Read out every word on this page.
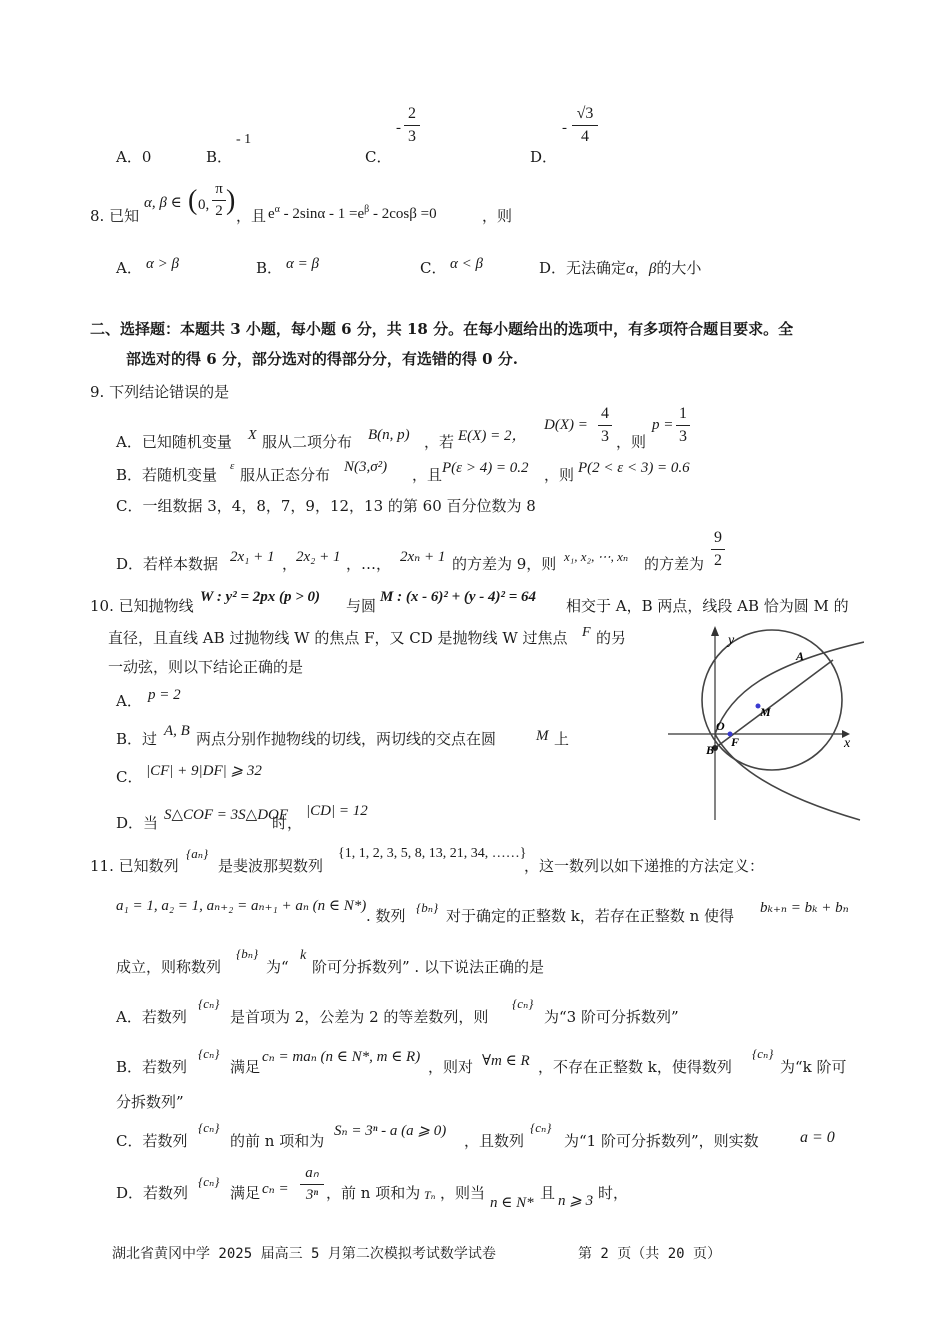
A．0	B．
- 1
C．
-
2
3
D．
-
√3
4
8. 已知
α, β ∈ ( 0,
π
2 ) ，且 $e^\alpha - 2\sin\alpha - 1 =e^\beta - 2\cos\beta =0$	，则
A． α > β	B． α = β	C． α < β	D．无法确定α，β的大小
二、选择题：本题共 3 小题，每小题 6 分，共 18 分。在每小题给出的选项中，有多项符合题目要求。全
部选对的得 6 分，部分选对的得部分分，有选错的得 0 分.
9. 下列结论错误的是
A．已知随机变量 X 服从二项分布 B(n, p) ，若 E(X) = 2，
D(X) =
4
3 ，则
p =
1
3
B．若随机变量 ε 服从正态分布 N(3,σ²) ，且 P(ε > 4) = 0.2 ，则 P(2 < ε < 3) = 0.6
C．一组数据 3，4，8，7，9，12，13 的第 60 百分位数为 8
D．若样本数据 2x₁ + 1 ，
2x₂ + 1 ，…， 2xₙ + 1 的方差为 9，则 x₁, x₂, ⋯, xₙ 的方差为
9
2
10. 已知抛物线 W : y² = 2px (p > 0) 与圆 M : (x - 6)² + (y - 4)² = 64 相交于 A，B 两点，线段 AB 恰为圆 M 的
直径，且直线 AB 过抛物线 W 的焦点 F，又 CD 是抛物线 W 过焦点 F 的另
一动弦，则以下结论正确的是
A． p = 2
B．过 A, B 两点分别作抛物线的切线，两切线的交点在圆	M 上
C． |CF| + 9|DF| ⩾ 32
D．当 S△COF = 3S△DOF
时，
|CD| = 12
y
x
A
M
O
B
F
11. 已知数列
{aₙ}
是斐波那契数列
{1, 1, 2, 3, 5, 8, 13, 21, 34, ……}
，这一数列以如下递推的方法定义：
a₁ = 1, a₂ = 1, aₙ₊₂ = aₙ₊₁ + aₙ (n ∈ N*)
. 数列 {bₙ} 对于确定的正整数 k，若存在正整数 n 使得 bₖ₊ₙ = bₖ + bₙ
成立，则称数列
{bₙ}
为“
k
阶可分拆数列” . 以下说法正确的是
A．若数列
{cₙ}
是首项为 2，公差为 2 的等差数列，则
{cₙ}
为“3 阶可分拆数列”
B．若数列
{cₙ}
满足
cₙ = maₙ (n ∈ N*, m ∈ R)
，则对 ∀m ∈ R ，不存在正整数 k，使得数列
{cₙ}
为“k 阶可
分拆数列”
C．若数列
{cₙ}
的前 n 项和为
Sₙ = 3ⁿ - a (a ⩾ 0)
，且数列
{cₙ}
为“1 阶可分拆数列”，则实数	a = 0
D．若数列
{cₙ}
满足 cₙ =
aₙ
3ⁿ ，前 n 项和为 Tₙ ，则当
n ∈ N*
且 n ⩾ 3 时，
湖北省黄冈中学 2025 届高三 5 月第二次模拟考试数学试卷	第 2 页（共 20 页）
